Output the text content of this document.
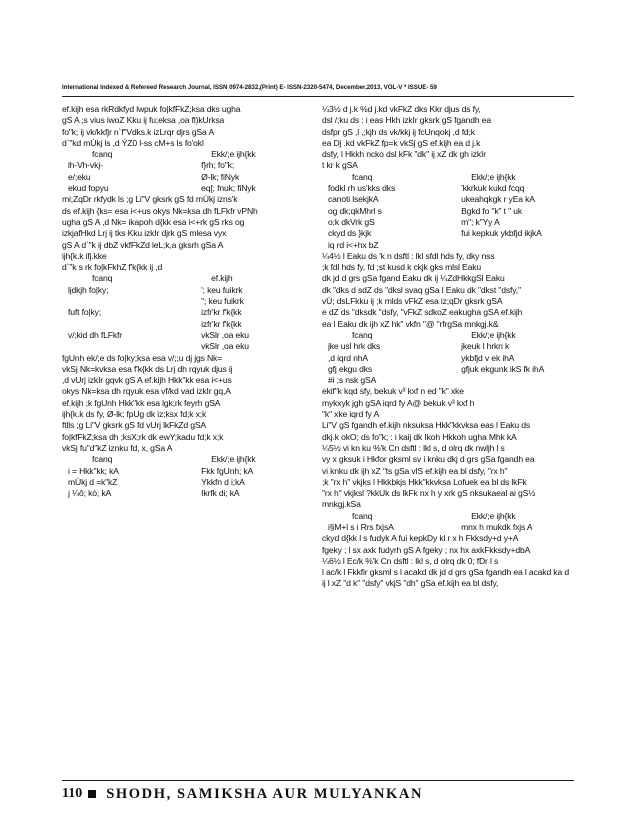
International Indexed & Refereed Research Journal, ISSN 0974-2832,(Print) E- ISSN-2320-5474, December,2013, VOL-V * ISSUE- 59
ef.kijh esa rkRdkfyd lwpuk fo|kfFkZ;ksa dks ugha
gS A ;s vius iwoZ Kku ij fu;eksa ,oa fl)kUrksa
fo"k; ij vk/kkfjr n`f"Vdks.k izLrqr djrs gSa A
d`"kd mÙkj ls ,d ÝZ0 l-ss cM+s ls fo'okl
fcanq	Ekk/;e ijh{kk
lh-Vh-vkj-	f}rh; fo"k;
e/;eku	Ø-lk; fiNyk
ekud fopyu	eq[; fnuk; fiNyk
mi;ZqDr rkfydk ls ;g Li"V gksrk gS fd mÙkj izns'k
ds ef.kijh {ks= esa i<+us okys Nk=ksa dh fLFkfr vPNh
ugha gS A ,d Nk= ikapoh d{kk esa i<+rk gS rks og
izkjafHkd Lrj ij tks Kku izkIr djrk gS mlesa vyx
gS A d`"k ij dbZ vkfFkZd leL;k,a gksrh gSa A
ijh{k.k ifj.kke
d`"k s rk fo|kFkhZ f'k{kk ij ,d
fcanq	ef.kijh
ljdkjh fo|ky;	'; keu fuikrk
	"; keu fuikrk
fuft fo|ky;	izfr'kr f'k{kk
	izfr'kr f'k{kk
v/;kid dh fLFkfr	vkSlr ,oa eku
	vkSlr ,oa eku
fgUnh ek/;e ds fo|ky;ksa esa v/;;u dj jgs Nk=
vkSj Nk=kvksa esa f'k{kk ds Lrj dh rqyuk djus ij
,d vUrj izkIr gqvk gS A ef.kijh Hkk"kk esa i<+us
okys Nk=ksa dh rqyuk esa vf/kd vad izkIr gq,A
ef.kijh ;k fgUnh Hkk"kk esa lgk;rk feyrh gSA
ijh{k.k ds fy, Ø-lk; fpUg dk iz;ksx fd;k x;k
ftlls ;g Li"V gksrk gS fd vUrj lkFkZd gSA
fo|kfFkZ;ksa dh ;ksX;rk dk ewY;kadu fd;k x;k
vkSj fu"d"kZ iznku fd, x, gSa A
fcanq	Ekk/;e ijh{kk
i = Hkk"kk; kA	Fkk fgUnh; kA
mÙkj d =k"kZ	Ykkfn d i;kA
j ¼ô; kò; kA	Ikrfk di; kA
¼3½ d j.k %d j.kd vkFkZ dks Kkr djus ds fy,
dsl /;ku ds : i eas Hkh izkIr gksrk gS fgandh ea
dsfpr gS ,l ,;kjh ds vk/kkj ij fcUnqokj ,d fd;k
ea Dj .kd vkFkZ fp=k vkSj gS ef.kijh ea d j.k
dsfy, l Hkkh ncko dsl kFk "dk" ij xZ dk gh izkIr
t kr k gSA
fcanq	Ekk/;e ijh{kk
fodkl rh us'kks dks	'kkrkuk kukd fcqq
canoti lsekjkA	ukeahqkgk r yEa kA
og dk;qkMhrl s	Bgkd fo "k" t " uk
o;k dkVrk gS	m"; k"Yy A
ckyd ds }kjk	fui kepkuk ykbfjd ikjkA
iq rd i<+hx bZ	
¼4½ l Eaku ds 'k n dsftl : lkl sfdl hds fy, dky nss
;k fdl hds fy, fd ;st kusd k ckjk gks mlsl Eaku
dk jd d grs gSa fgand Eaku dk ij ¼ZdHkkgSl Eaku
dk "dks d sdZ ds "dksl svaq gSa l Eaku dk "dkst "dsfy,"
vÚ; dsLFkku ij ;k mlds vFkZ esa iz;qDr gksrk gSA
e dZ ds "dksdk "dsfy, "vFkZ sdkoZ eakugha gSA ef.kijh
ea l Eaku dk ijh xZ hk" vkfn "@ "rfrgSa mnkgj.k&
fcanq	Ekk/;e ijh{kk
jke usl hrk dks	jkeuk l hrkn k
,d iqrd nhA	ykbfjd v ek ihA
gfj ekgu dks	gfjuk ekgunk ikS fk ihA
#i ;s nsk gSA	
ekif"k kqd sfy, bekuk v³ kxf n ed "k" xke
mykxyk jgh gSA iqrd fy A@ bekuk v³ kxf h
"k" xke iqrd fy A
Li"V gS fgandh ef.kijh nksuksa Hkk"kkvksa eas l Eaku ds
dkj.k okO; ds fo"k; : i kaij dk Ikoh Hkkoh ugha Mhk kA
¼5½ vi kn ku %'k Cn dsftl : lkl s, d olrq dk nwljh l s
vy x gksuk i Hkfor gksml sv i knku dkj d grs gSa fgandh ea
vi knku dk ijh xZ "ts gSa vlS ef.kijh ea bl dsfy, "rx h"
;k "rx h" vkjks l Hkkbkjs Hkk"kkvksa Lofuek ea bl ds lkFk
"rx h" vkjksl ?kkUk ds lkFk nx h y xrk gS nksukaeal ai gS½
mnkgj.kSa
fcanq	Ekk/;e ijh{kk
i§M+l s i Rrs fxjsA	mnx h mukdk fxjs A
ckyd d{kk l s fudyk A fui kepkDy kl r x h Fkksdy+d y+A
fgeky ; l sx axk fudyrh gS A fgeky ; nx hx axkFkksdy+dbA
¼6½ l Ec/k %'k Cn dsftl : lkl s, d olrq dk 0; fDr l s
l ac/k l Fkkfir gksml s l acakd dk jd d grs gSa fgandh ea l acakd ka d
ij l xZ "d k" "dsfy" vkjS "dh" gSa ef.kijh ea bl dsfy,
110 SHODH, SAMIKSHA AUR MULYANKAN
